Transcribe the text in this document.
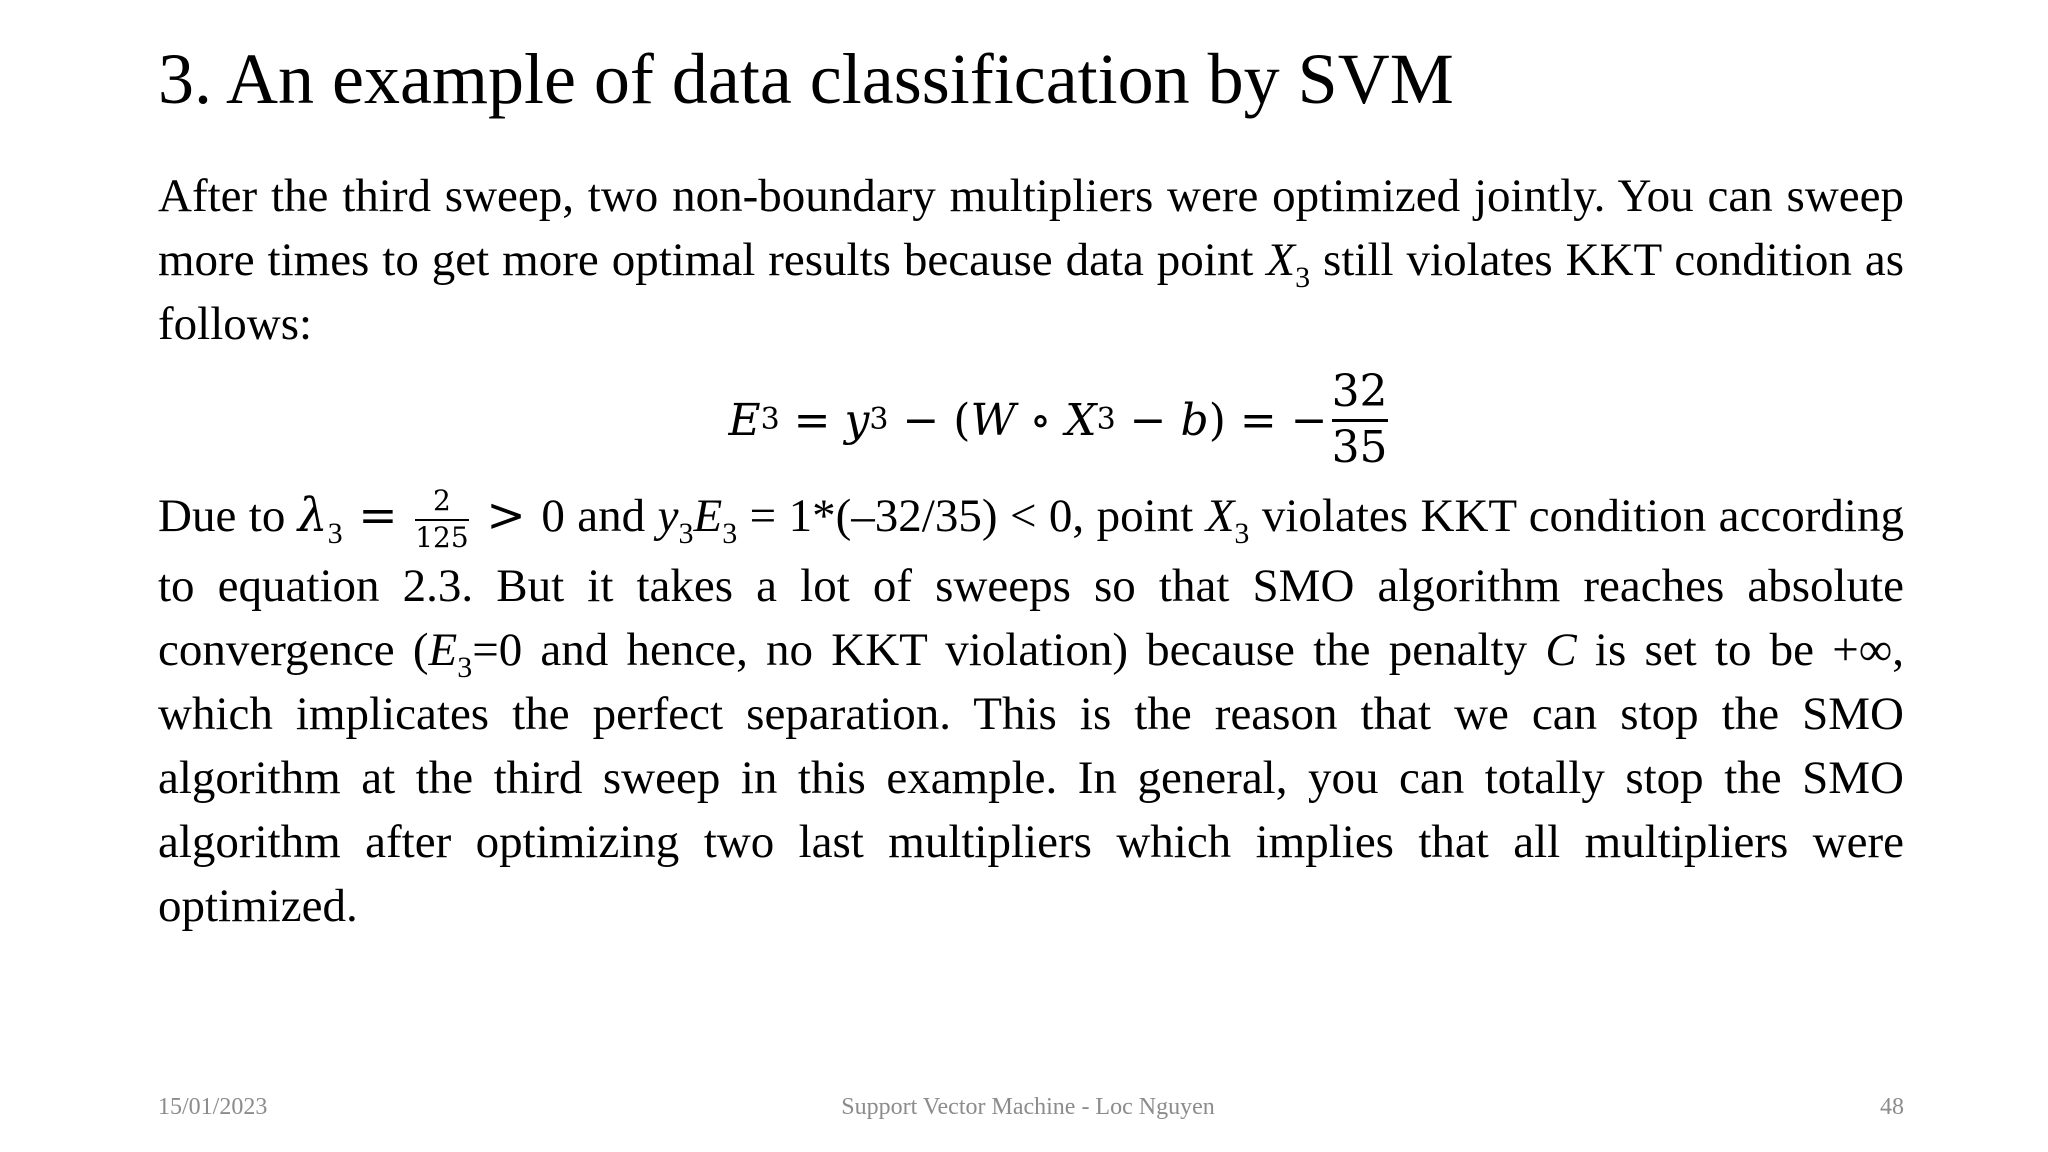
3. An example of data classification by SVM
After the third sweep, two non-boundary multipliers were optimized jointly. You can sweep more times to get more optimal results because data point $X_3$ still violates KKT condition as follows:
E 3 = y 3 − ( W ∘ X 3 − b ) = − $\frac{32}{35}$
Due to $\lambda_3 = \frac{2}{125} > 0$ and $y_3E_3 = 1*(-32/35) < 0$, point $X_3$ violates KKT condition according to equation 2.3. But it takes a lot of sweeps so that SMO algorithm reaches absolute convergence ($E_3=0$ and hence, no KKT violation) because the penalty C is set to be +∞, which implicates the perfect separation. This is the reason that we can stop the SMO algorithm at the third sweep in this example. In general, you can totally stop the SMO algorithm after optimizing two last multipliers which implies that all multipliers were optimized.
15/01/2023	Support Vector Machine - Loc Nguyen	48
